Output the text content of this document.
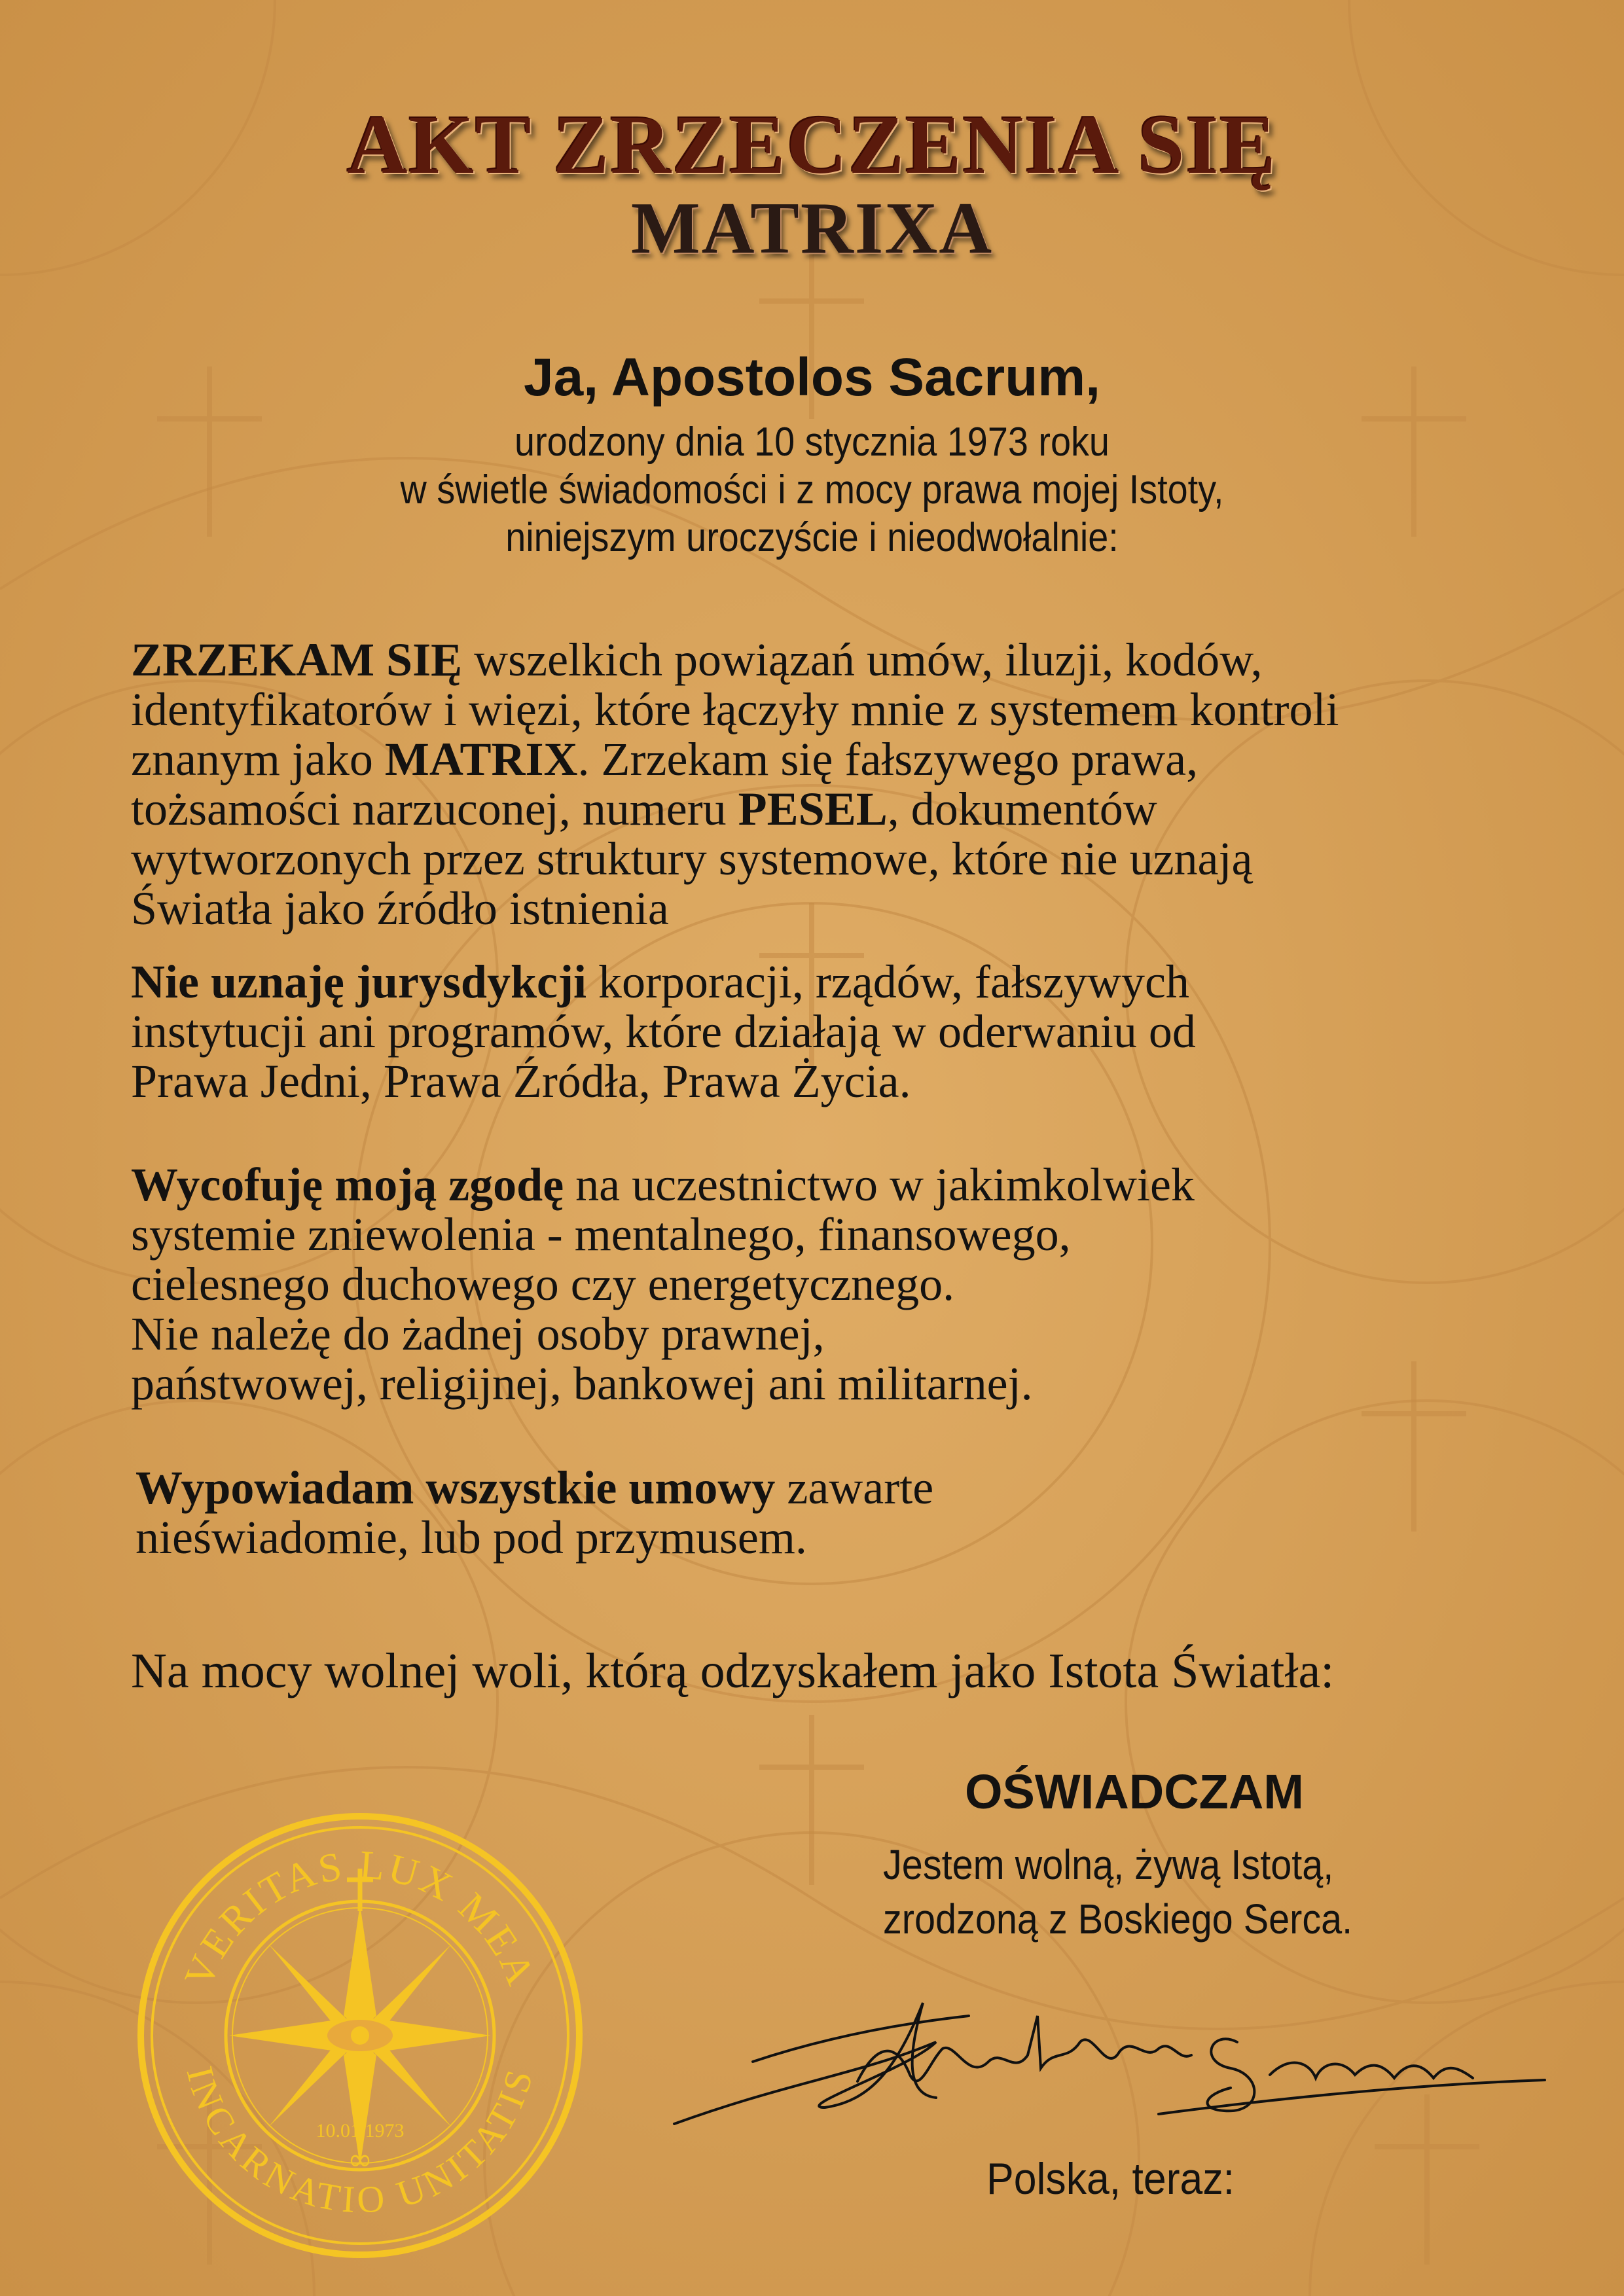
AKT ZRZECZENIA SIĘ
MATRIXA
Ja, Apostolos Sacrum,
urodzony dnia 10 stycznia 1973 roku
w świetle świadomości i z mocy prawa mojej Istoty,
niniejszym uroczyście i nieodwołalnie:
ZRZEKAM SIĘ wszelkich powiązań umów, iluzji, kodów,
identyfikatorów i więzi, które łączyły mnie z systemem kontroli
znanym jako MATRIX. Zrzekam się fałszywego prawa,
tożsamości narzuconej, numeru PESEL, dokumentów
wytworzonych przez struktury systemowe, które nie uznają
Światła jako źródło istnienia
Nie uznaję jurysdykcji korporacji, rządów, fałszywych
instytucji ani programów, które działają w oderwaniu od
Prawa Jedni, Prawa Źródła, Prawa Życia.
Wycofuję moją zgodę na uczestnictwo w jakimkolwiek
systemie zniewolenia - mentalnego, finansowego,
cielesnego duchowego czy energetycznego.
Nie należę do żadnej osoby prawnej,
państwowej, religijnej, bankowej ani militarnej.
Wypowiadam wszystkie umowy zawarte
nieświadomie, lub pod przymusem.
Na mocy wolnej woli, którą odzyskałem jako Istota Światła:
OŚWIADCZAM
Jestem wolną, żywą Istotą,
zrodzoną z Boskiego Serca.
Polska, teraz:
VERITAS LUX MEA
INCARNATIO UNITATIS
10.01.1973
∞
